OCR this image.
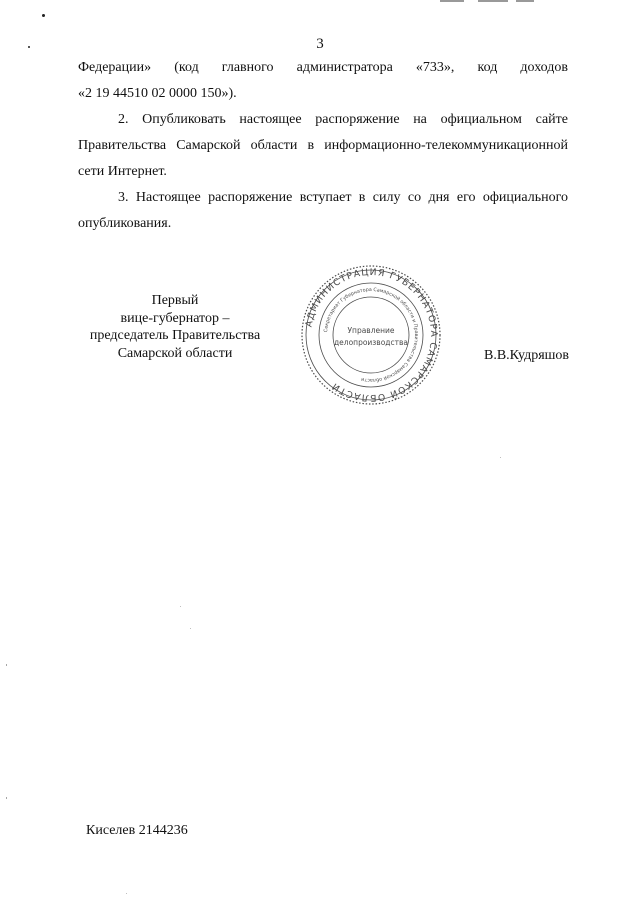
3
Федерации» (код главного администратора «733», код доходов
«2 19 44510 02 0000 150»).
2. Опубликовать настоящее распоряжение на официальном сайте
Правительства Самарской области в информационно-телекоммуникационной
сети Интернет.
3. Настоящее распоряжение вступает в силу со дня его официального
опубликования.
Первый
вице-губернатор –
председатель Правительства
Самарской области
АДМИНИСТРАЦИЯ ГУБЕРНАТОРА САМАРСКОЙ ОБЛАСТИ
Секретариат Губернатора Самарской области и Правительства Самарской области
Управление
делопроизводства
В.В.Кудряшов
Киселев 2144236
